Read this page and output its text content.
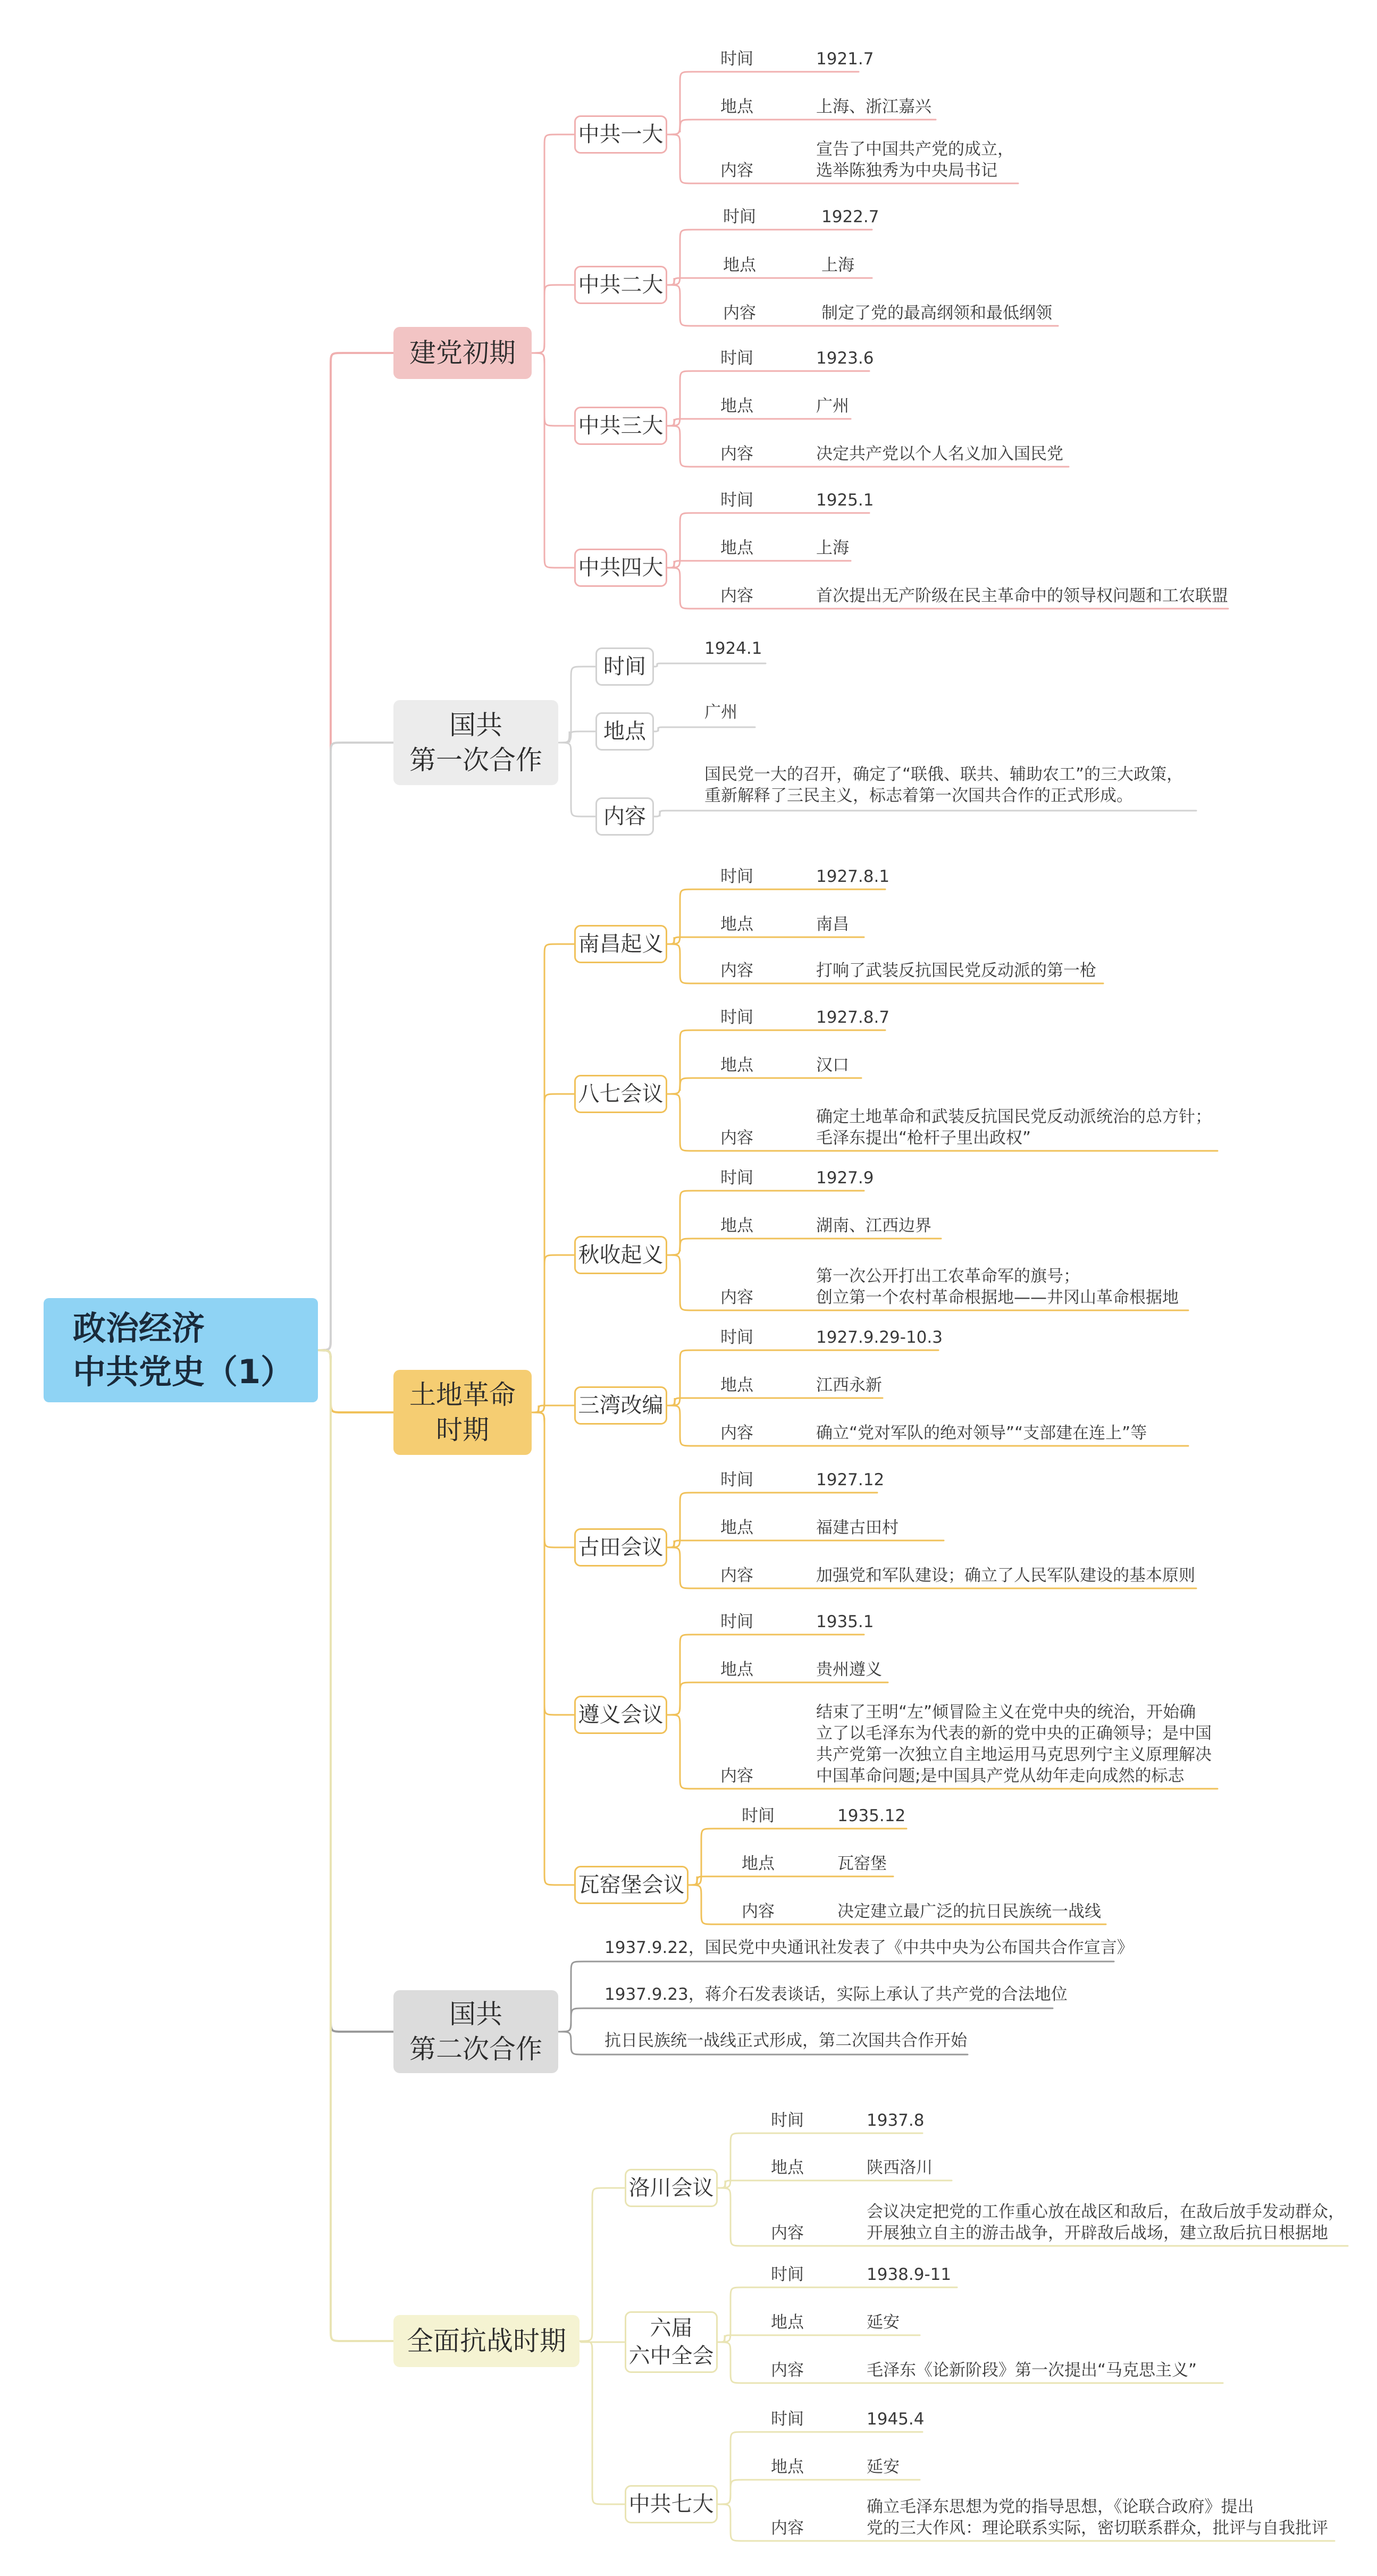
政治经济
中共党史（1）
建党初期
中共一大
时间	1921.7
地点	上海、浙江嘉兴
内容
宣告了中国共产党的成立，
选举陈独秀为中央局书记
中共二大
时间	1922.7
地点	上海
内容	制定了党的最高纲领和最低纲领
中共三大
时间	1923.6
地点	广州
内容	决定共产党以个人名义加入国民党
中共四大
时间	1925.1
地点	上海
内容	首次提出无产阶级在民主革命中的领导权问题和工农联盟
国共
第一次合作
时间
1924.1
地点
广州
内容
国民党一大的召开，确定了“联俄、联共、辅助农工”的三大政策，
重新解释了三民主义，标志着第一次国共合作的正式形成。
土地革命
时期
南昌起义
时间	1927.8.1
地点	南昌
内容	打响了武装反抗国民党反动派的第一枪
八七会议
时间	1927.8.7
地点	汉口
内容
确定土地革命和武装反抗国民党反动派统治的总方针；
毛泽东提出“枪杆子里出政权”
秋收起义
时间	1927.9
地点	湖南、江西边界
内容
第一次公开打出工农革命军的旗号；
创立第一个农村革命根据地——井冈山革命根据地
三湾改编
时间	1927.9.29-10.3
地点	江西永新
内容	确立“党对军队的绝对领导”“支部建在连上”等
古田会议
时间	1927.12
地点	福建古田村
内容	加强党和军队建设；确立了人民军队建设的基本原则
遵义会议
时间	1935.1
地点	贵州遵义
内容
结束了王明“左”倾冒险主义在党中央的统治，开始确
立了以毛泽东为代表的新的党中央的正确领导；是中国
共产党第一次独立自主地运用马克思列宁主义原理解决
中国革命问题;是中国具产党从幼年走向成然的标志
瓦窑堡会议
时间	1935.12
地点	瓦窑堡
内容	决定建立最广泛的抗日民族统一战线
国共
第二次合作
1937.9.22，国民党中央通讯社发表了《中共中央为公布国共合作宣言》
1937.9.23，蒋介石发表谈话，实际上承认了共产党的合法地位
抗日民族统一战线正式形成，第二次国共合作开始
全面抗战时期
洛川会议
时间	1937.8
地点	陕西洛川
内容
会议决定把党的工作重心放在战区和敌后，在敌后放手发动群众，
开展独立自主的游击战争，开辟敌后战场，建立敌后抗日根据地
六届
六中全会
时间	1938.9-11
地点	延安
内容	毛泽东《论新阶段》第一次提出“马克思主义”
中共七大
时间	1945.4
地点	延安
内容
确立毛泽东思想为党的指导思想，《论联合政府》提出
党的三大作风：理论联系实际，密切联系群众，批评与自我批评
